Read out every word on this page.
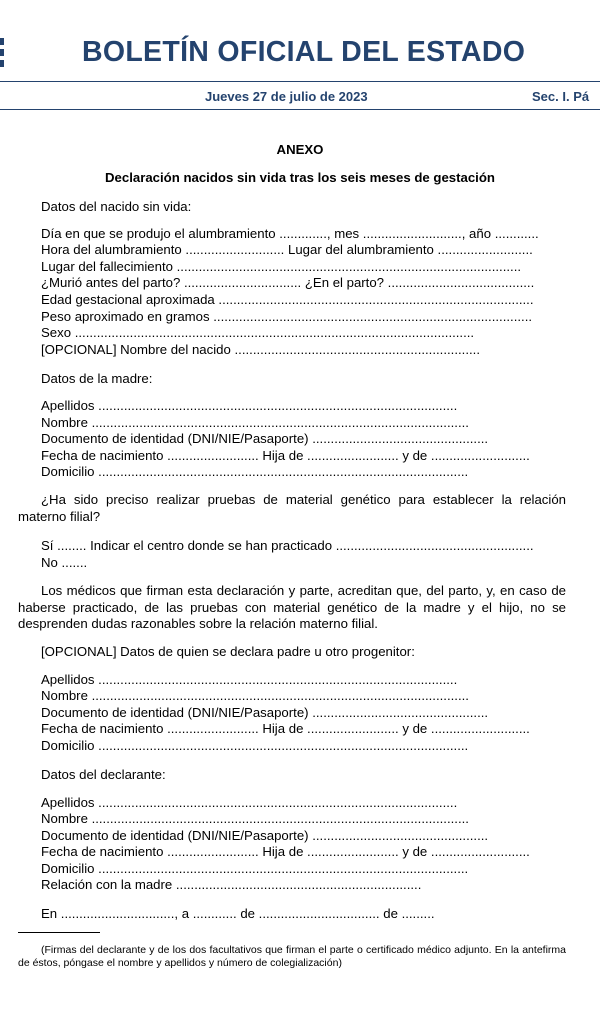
BOLETÍN OFICIAL DEL ESTADO
Jueves 27 de julio de 2023	Sec. I. Pá
ANEXO
Declaración nacidos sin vida tras los seis meses de gestación
Datos del nacido sin vida:
Día en que se produjo el alumbramiento ............., mes ..........................., año ............
Hora del alumbramiento ........................... Lugar del alumbramiento ..........................
Lugar del fallecimiento ..............................................................................................
¿Murió antes del parto? ................................ ¿En el parto? ........................................
Edad gestacional aproximada ......................................................................................
Peso aproximado en gramos .......................................................................................
Sexo .............................................................................................................
[OPCIONAL] Nombre del nacido ...................................................................
Datos de la madre:
Apellidos ..................................................................................................
Nombre .......................................................................................................
Documento de identidad (DNI/NIE/Pasaporte) ................................................
Fecha de nacimiento ......................... Hija de ......................... y de ...........................
Domicilio .....................................................................................................
¿Ha sido preciso realizar pruebas de material genético para establecer la relación materno filial?
Sí ........ Indicar el centro donde se han practicado ......................................................
No .......
Los médicos que firman esta declaración y parte, acreditan que, del parto, y, en caso de haberse practicado, de las pruebas con material genético de la madre y el hijo, no se desprenden dudas razonables sobre la relación materno filial.
[OPCIONAL] Datos de quien se declara padre u otro progenitor:
Apellidos ..................................................................................................
Nombre .......................................................................................................
Documento de identidad (DNI/NIE/Pasaporte) ................................................
Fecha de nacimiento ......................... Hija de ......................... y de ...........................
Domicilio .....................................................................................................
Datos del declarante:
Apellidos ..................................................................................................
Nombre .......................................................................................................
Documento de identidad (DNI/NIE/Pasaporte) ................................................
Fecha de nacimiento ......................... Hija de ......................... y de ...........................
Domicilio .....................................................................................................
Relación con la madre ...................................................................
En ..............................., a ............ de ................................. de .........
(Firmas del declarante y de los dos facultativos que firman el parte o certificado médico adjunto. En la antefirma de éstos, póngase el nombre y apellidos y número de colegialización)
